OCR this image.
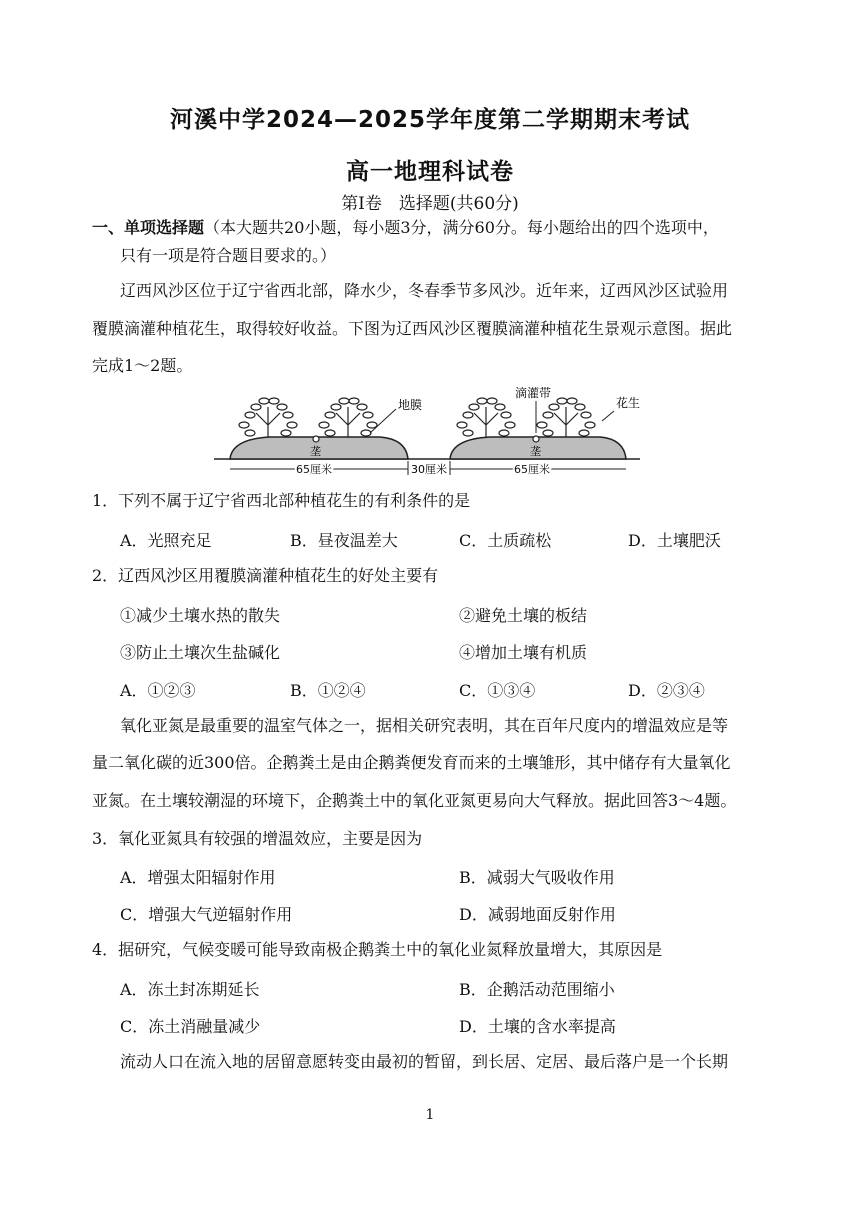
河溪中学2024—2025学年度第二学期期末考试
高一地理科试卷
第Ⅰ卷　选择题(共60分)
一、单项选择题（本大题共20小题，每小题3分，满分60分。每小题给出的四个选项中，
只有一项是符合题目要求的。）
辽西风沙区位于辽宁省西北部，降水少，冬春季节多风沙。近年来，辽西风沙区试验用
覆膜滴灌种植花生，取得较好收益。下图为辽西风沙区覆膜滴灌种植花生景观示意图。据此
完成1～2题。
地膜
滴灌带
花生
垄	垄
65厘米	30厘米	65厘米
1．下列不属于辽宁省西北部种植花生的有利条件的是
A．光照充足	B．昼夜温差大	C．土质疏松	D．土壤肥沃
2．辽西风沙区用覆膜滴灌种植花生的好处主要有
①减少土壤水热的散失	②避免土壤的板结
③防止土壤次生盐碱化	④增加土壤有机质
A．①②③	B．①②④	C．①③④	D．②③④
氧化亚氮是最重要的温室气体之一，据相关研究表明，其在百年尺度内的增温效应是等
量二氧化碳的近300倍。企鹅粪土是由企鹅粪便发育而来的土壤雏形，其中储存有大量氧化
亚氮。在土壤较潮湿的环境下，企鹅粪土中的氧化亚氮更易向大气释放。据此回答3～4题。
3．氧化亚氮具有较强的增温效应，主要是因为
A．增强太阳辐射作用	B．减弱大气吸收作用
C．增强大气逆辐射作用	D．减弱地面反射作用
4．据研究，气候变暖可能导致南极企鹅粪土中的氧化业氮释放量增大，其原因是
A．冻土封冻期延长	B．企鹅活动范围缩小
C．冻土消融量减少	D．土壤的含水率提高
流动人口在流入地的居留意愿转变由最初的暂留，到长居、定居、最后落户是一个长期
1
